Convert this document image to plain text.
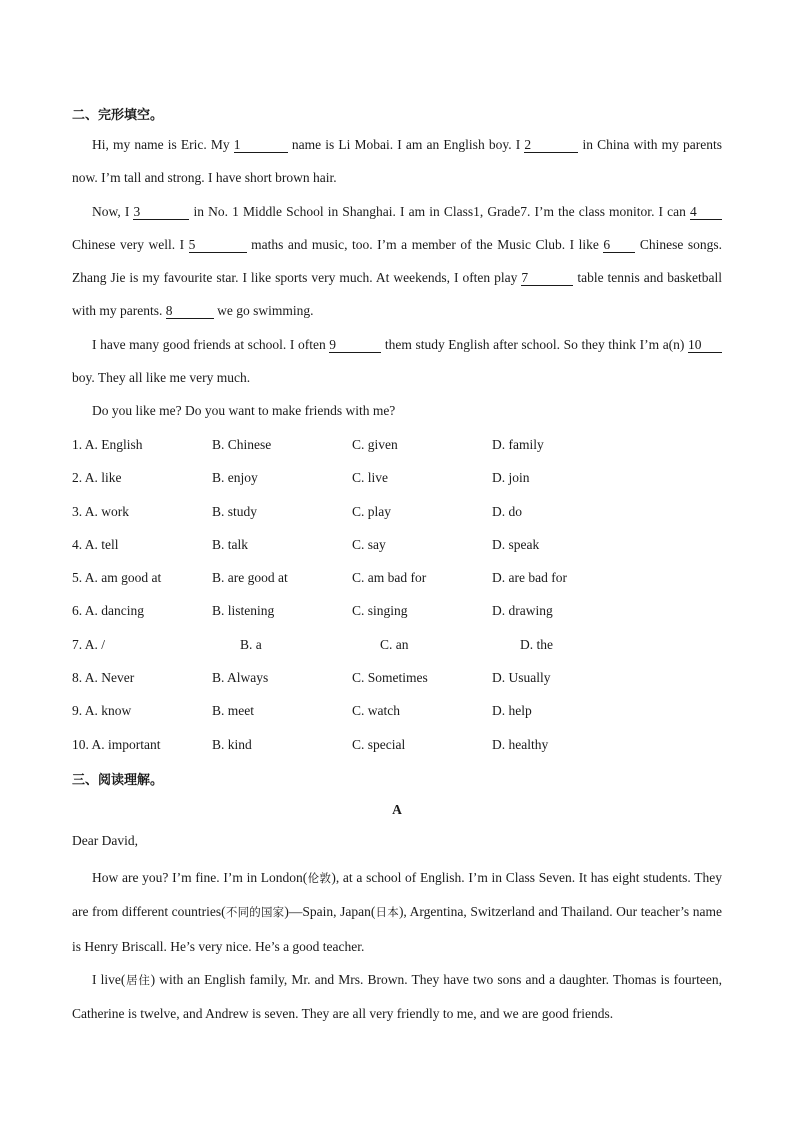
二、完形填空。

Hi, my name is Eric. My 1	name is Li Mobai. I am an English boy. I 2	in China with my parents now. I’m tall and strong. I have short brown hair.

Now, I 3	in No. 1 Middle School in Shanghai. I am in Class1, Grade7. I’m the class monitor. I can 4 Chinese very well. I 5	maths and music, too. I’m a member of the Music Club. I like 6 Chinese songs. Zhang Jie is my favourite star. I like sports very much. At weekends, I often play 7	table tennis and basketball with my parents. 8	we go swimming.

I have many good friends at school. I often 9	them study English after school. So they think I’m a(n) 10 boy. They all like me very much.

Do you like me? Do you want to make friends with me?

1. A. English	B. Chinese	C. given	D. family
2. A. like	B. enjoy	C. live	D. join
3. A. work	B. study	C. play	D. do
4. A. tell	B. talk	C. say	D. speak
5. A. am good at	B. are good at	C. am bad for	D. are bad for
6. A. dancing	B. listening	C. singing	D. drawing
7. A. /	B. a	C. an	D. the
8. A. Never	B. Always	C. Sometimes	D. Usually
9. A. know	B. meet	C. watch	D. help
10. A. important	B. kind	C. special	D. healthy
三、阅读理解。
A
Dear David,

How are you? I’m fine. I’m in London(伦敦), at a school of English. I’m in Class Seven. It has eight students. They are from different countries(不同的国家)—Spain, Japan(日本), Argentina, Switzerland and Thailand. Our teacher’s name is Henry Briscall. He’s very nice. He’s a good teacher.

I live(居住) with an English family, Mr. and Mrs. Brown. They have two sons and a daughter. Thomas is fourteen, Catherine is twelve, and Andrew is seven. They are all very friendly to me, and we are good friends.
